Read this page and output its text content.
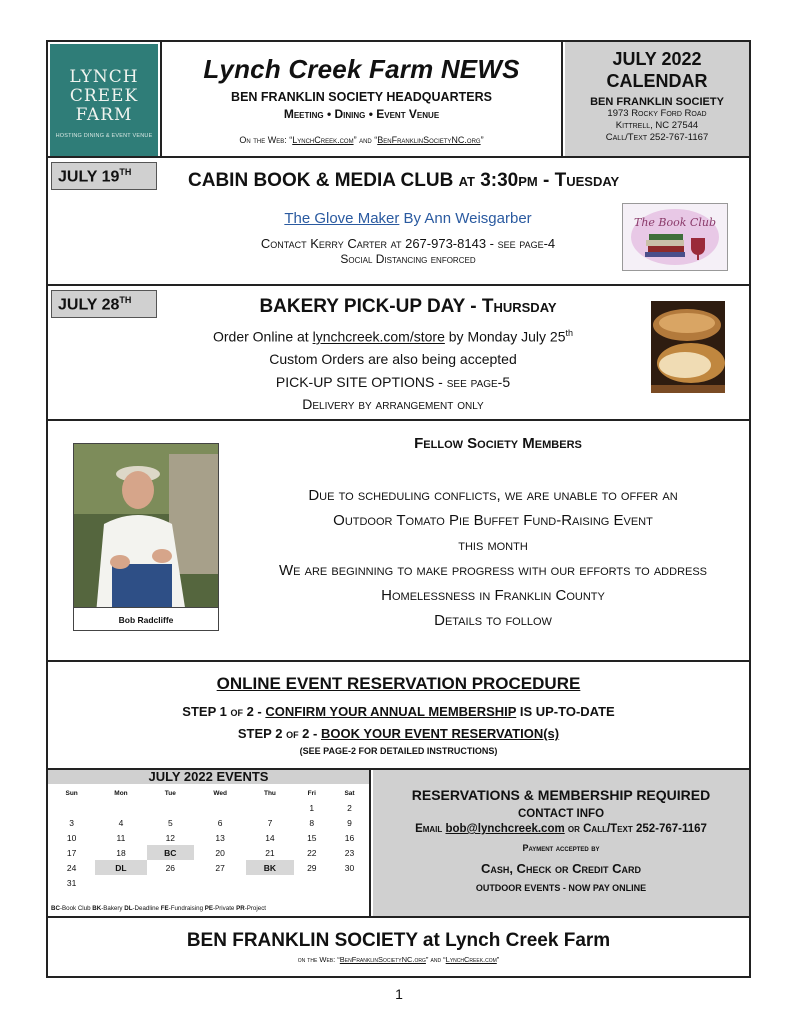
LYNCH
CREEK
FARM
HOSTING DINING & EVENT VENUE
Lynch Creek Farm NEWS
BEN FRANKLIN SOCIETY HEADQUARTERS
Meeting • Dining • Event Venue
On the Web: “LynchCreek.com” and “BenFranklinSocietyNC.org”
JULY 2022
CALENDAR
BEN FRANKLIN SOCIETY
1973 Rocky Ford Road
Kittrell, NC 27544
Call/Text 252-767-1167
JULY 19TH	CABIN BOOK & MEDIA CLUB at 3:30pm - Tuesday
The Glove Maker By Ann Weisgarber
Contact Kerry Carter at 267-973-8143 - see page-4
Social Distancing enforced
The Book Club
JULY 28TH	BAKERY PICK-UP DAY - Thursday
Order Online at lynchcreek.com/store by Monday July 25th
Custom Orders are also being accepted
PICK-UP SITE OPTIONS - see page-5
Delivery by arrangement only
Bob Radcliffe
Fellow Society Members
Due to scheduling conflicts, we are unable to offer an
Outdoor Tomato Pie Buffet Fund-Raising Event
this month
We are beginning to make progress with our efforts to address
Homelessness in Franklin County
Details to follow
ONLINE EVENT RESERVATION PROCEDURE
STEP 1 of 2 - CONFIRM YOUR ANNUAL MEMBERSHIP IS UP-TO-DATE
STEP 2 of 2 - BOOK YOUR EVENT RESERVATION(s)
(SEE PAGE-2 FOR DETAILED INSTRUCTIONS)
JULY 2022 EVENTS
Sun	Mon	Tue	Wed	Thu	Fri	Sat
					1	2
3	4	5	6	7	8	9
10	11	12	13	14	15	16
17	18	BC	20	21	22	23
24	DL	26	27	BK	29	30
31						
BC-Book Club BK-Bakery DL-Deadline FE-Fundraising PE-Private PR-Project
RESERVATIONS & MEMBERSHIP REQUIRED
CONTACT INFO
Email bob@lynchcreek.com or Call/Text 252-767-1167
Payment accepted by
Cash, Check or Credit Card
OUTDOOR EVENTS - NOW PAY ONLINE
BEN FRANKLIN SOCIETY at Lynch Creek Farm
on the Web: “BenFranklinSocietyNC.org” and “LynchCreek.com”
1
